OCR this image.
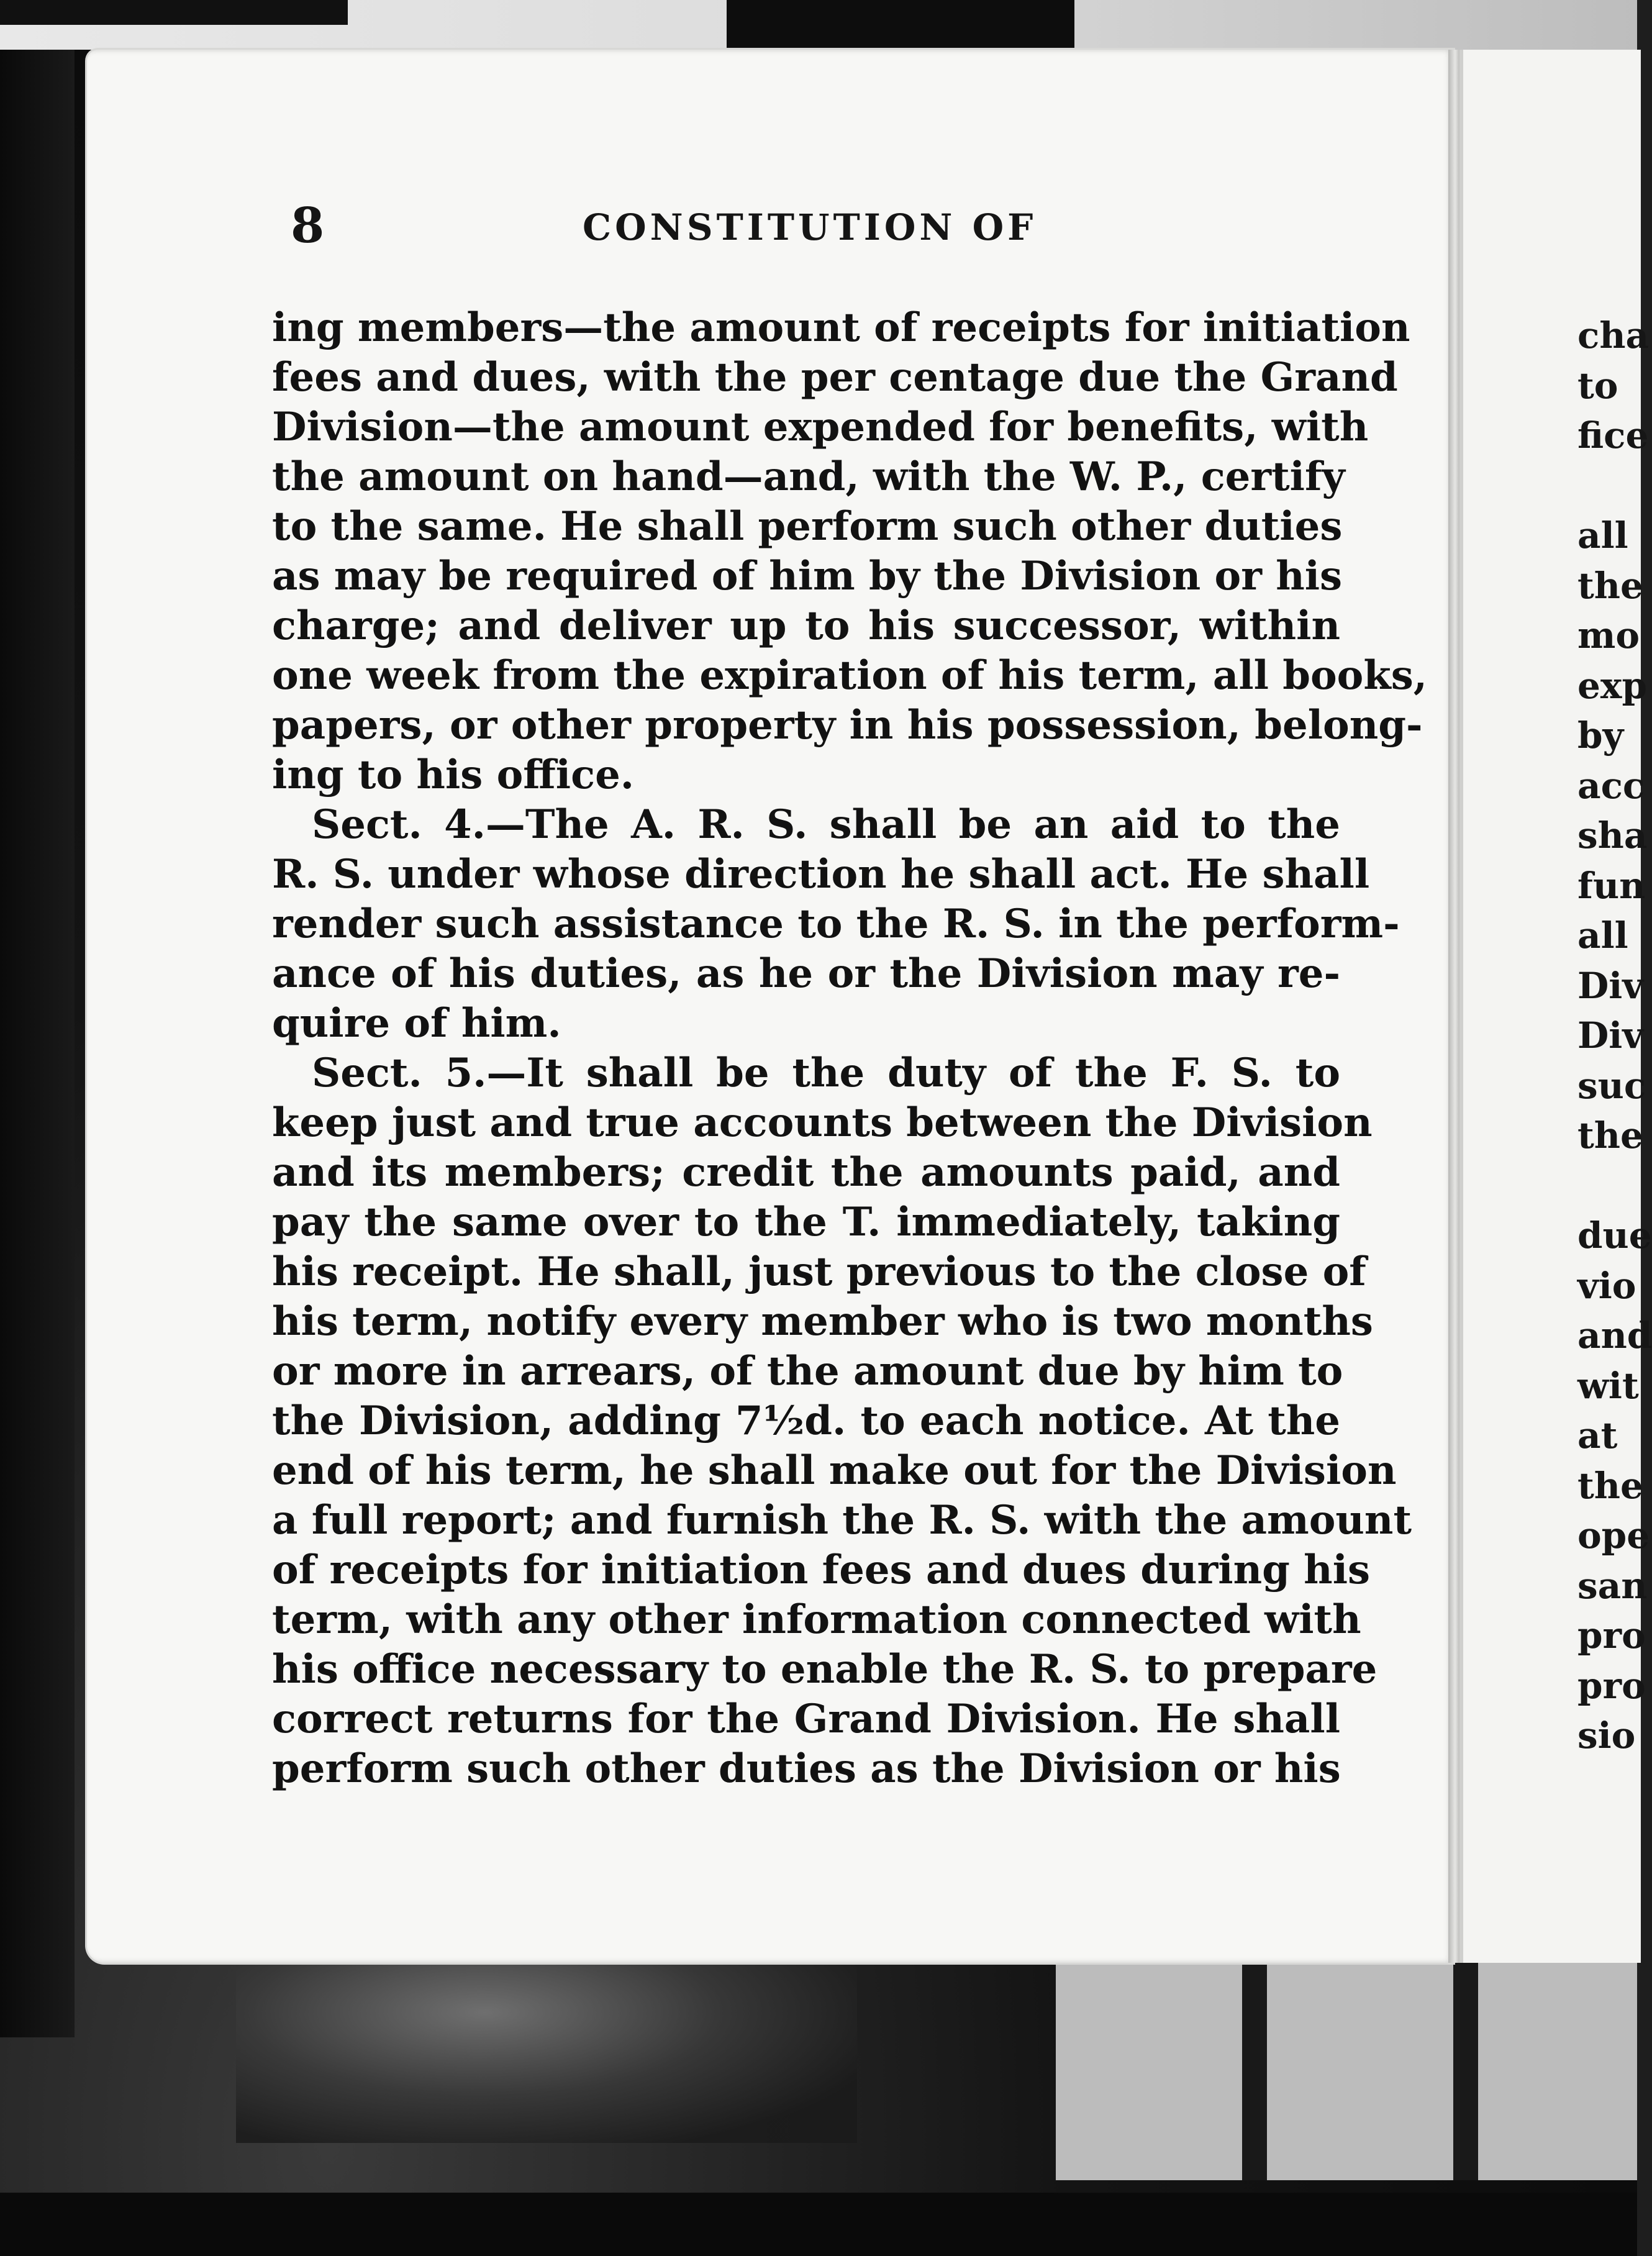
8	CONSTITUTION OF
ing members—the amount of receipts for initiation
fees and dues, with the per centage due the Grand
Division—the amount expended for benefits, with
the amount on hand—and, with the W. P., certify
to the same. He shall perform such other duties
as may be required of him by the Division or his
charge; and deliver up to his successor, within
one week from the expiration of his term, all books,
papers, or other property in his possession, belong-
ing to his office.
Sect. 4.—The A. R. S. shall be an aid to the
R. S. under whose direction he shall act. He shall
render such assistance to the R. S. in the perform-
ance of his duties, as he or the Division may re-
quire of him.
Sect. 5.—It shall be the duty of the F. S. to
keep just and true accounts between the Division
and its members; credit the amounts paid, and
pay the same over to the T. immediately, taking
his receipt. He shall, just previous to the close of
his term, notify every member who is two months
or more in arrears, of the amount due by him to
the Division, adding 7½d. to each notice. At the
end of his term, he shall make out for the Division
a full report; and furnish the R. S. with the amount
of receipts for initiation fees and dues during his
term, with any other information connected with
his office necessary to enable the R. S. to prepare
correct returns for the Grand Division. He shall
perform such other duties as the Division or his
cha
to
fice
all
the
mo
exp
by
acc
sha
fun
all
Div
Div
suc
the
due
vio
and
wit
at
the
ope
san
pro
pro
sio
